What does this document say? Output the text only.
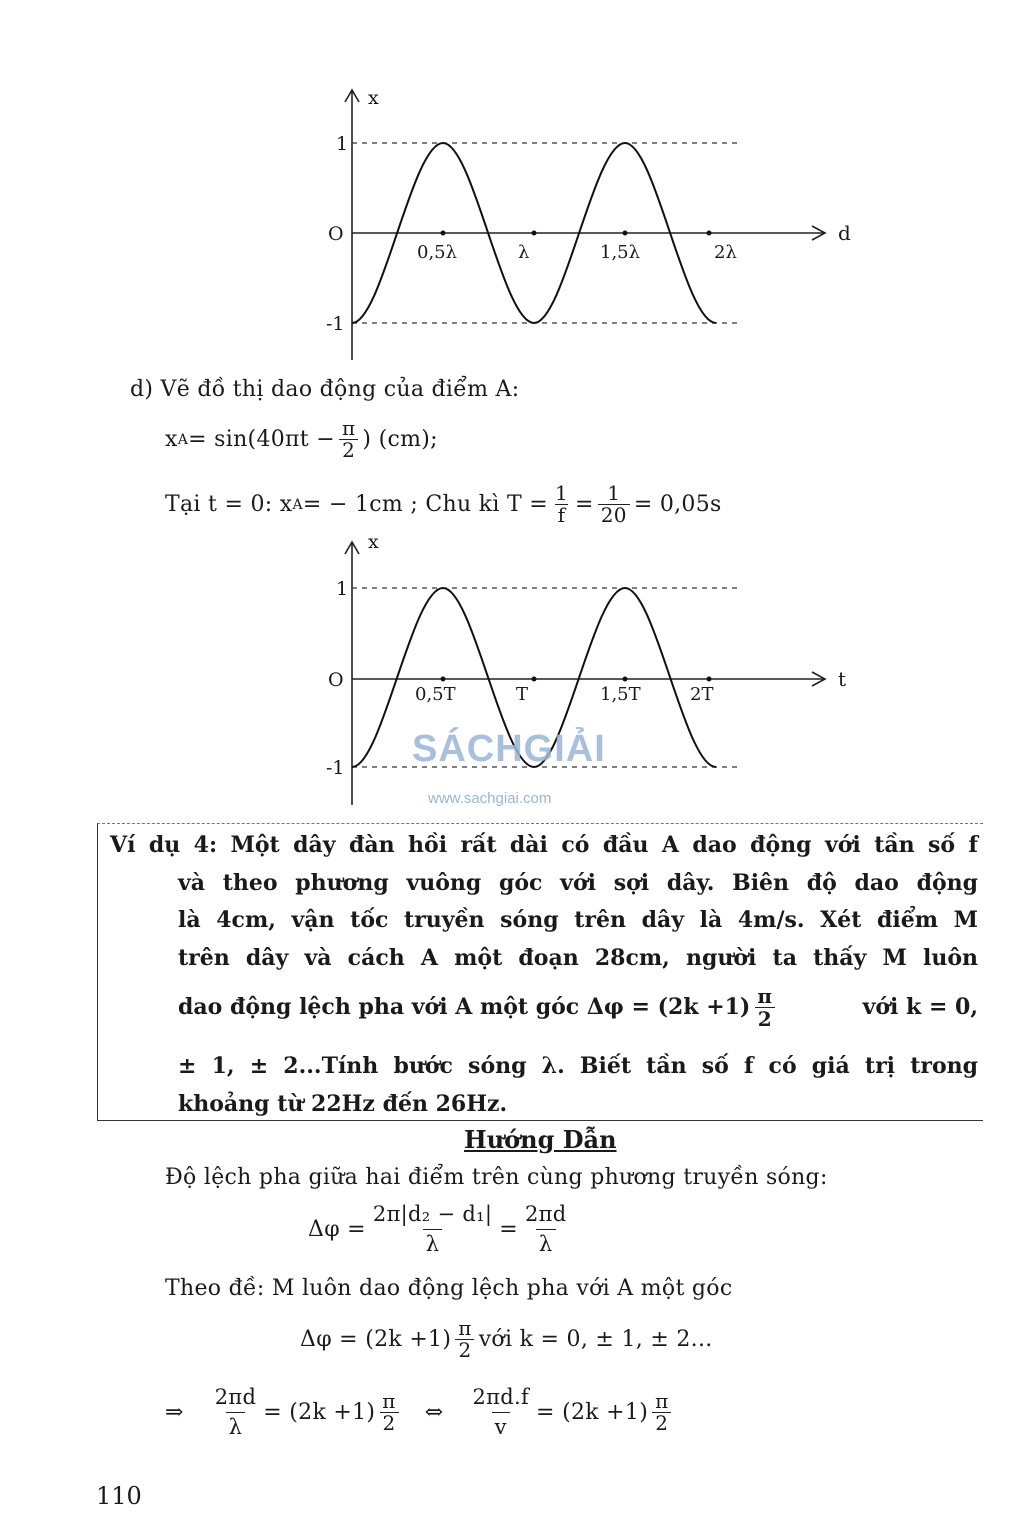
x
d
1
O
-1
0,5λ	λ	1,5λ	2λ
d) Vẽ đồ thị dao động của điểm A:
x $A = \sin(40\pi t - \frac{\pi}{2}$ ) (cm);
Tại t = 0: x A = − 1cm ; Chu kì $T = \frac{1}{f} = \frac{1}{20} = 0,05s$
x
t
1
O
-1
0,5T	T	1,5T	2T
SÁCHGIẢI
www.sachgiai.com
Ví dụ 4: Một dây đàn hồi rất dài có đầu A dao động với tần số f
và theo phương vuông góc với sợi dây. Biên độ dao động
là 4cm, vận tốc truyền sóng trên dây là 4m/s. Xét điểm M
trên dây và cách A một đoạn 28cm, người ta thấy M luôn
dao động lệch pha với A một góc $\Delta\varphi = (2k +1) \frac{\pi}{2}$	với k = 0,
± 1, ± 2...Tính bước sóng λ. Biết tần số f có giá trị trong
khoảng từ 22Hz đến 26Hz.
Hướng Dẫn
Độ lệch pha giữa hai điểm trên cùng phương truyền sóng:
$\Delta\varphi = \frac{\text{2π|d₂ − d₁|}}{\lambda} = \frac{2\pi d}{\lambda}$
Theo đề: M luôn dao động lệch pha với A một góc
$\Delta\varphi = (2k +1) \frac{\pi}{2}$ với k = 0, ± 1, ± 2...
⇒ $\frac{2\pi d}{\lambda} = (2k +1) \frac{\pi}{2}$ ⇔ $\frac{2\pi d.f}{v} = (2k +1) \frac{\pi}{2}$
110
